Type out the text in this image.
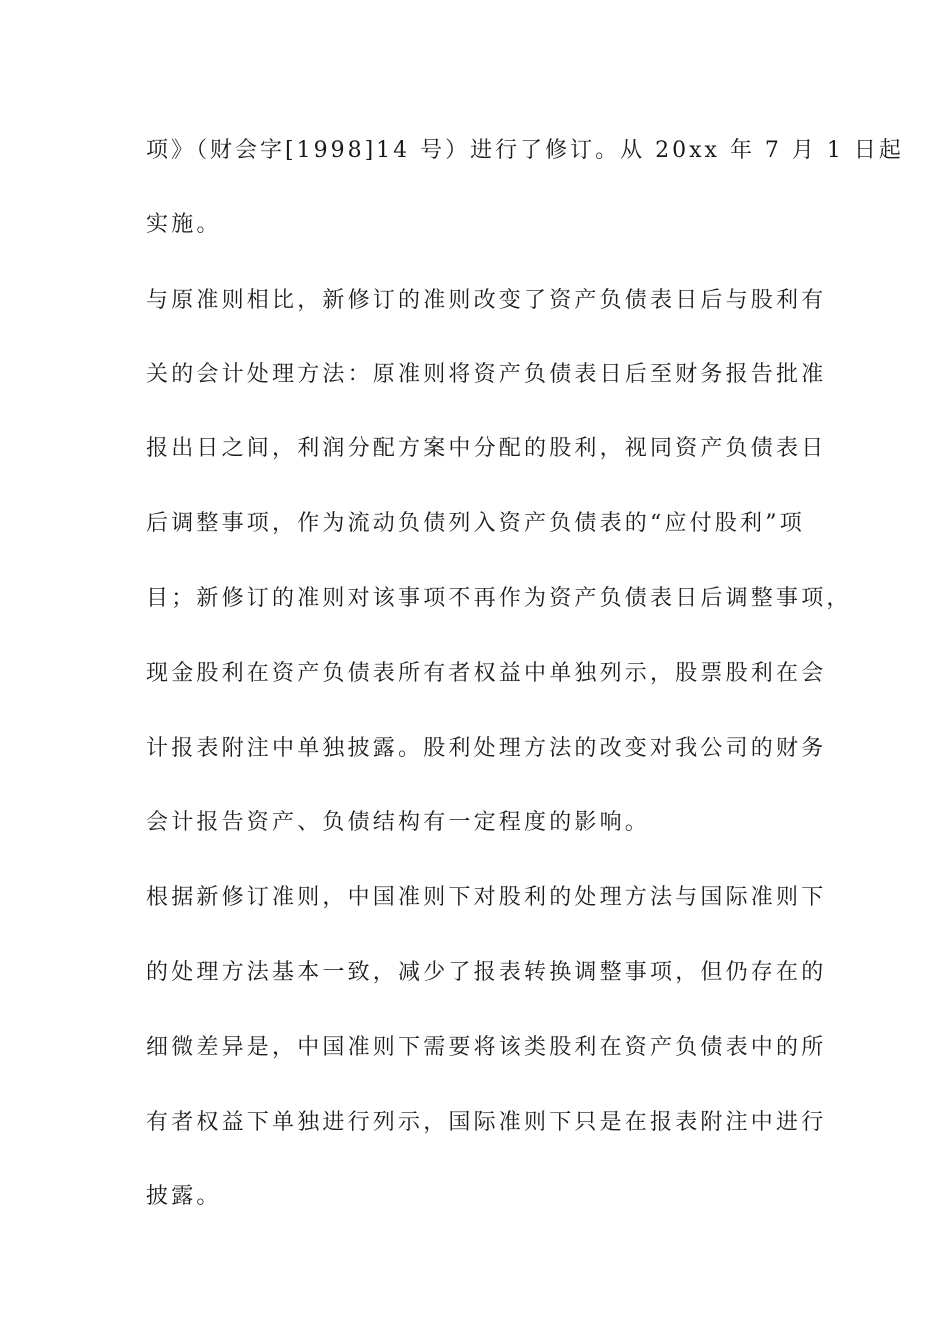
项》（财会字[1998]14 号）进行了修订。从 20xx 年 7 月 1 日起
实施。
与原准则相比，新修订的准则改变了资产负债表日后与股利有
关的会计处理方法：原准则将资产负债表日后至财务报告批准
报出日之间，利润分配方案中分配的股利，视同资产负债表日
后调整事项，作为流动负债列入资产负债表的“应付股利”项
目；新修订的准则对该事项不再作为资产负债表日后调整事项，
现金股利在资产负债表所有者权益中单独列示，股票股利在会
计报表附注中单独披露。股利处理方法的改变对我公司的财务
会计报告资产、负债结构有一定程度的影响。
根据新修订准则，中国准则下对股利的处理方法与国际准则下
的处理方法基本一致，减少了报表转换调整事项，但仍存在的
细微差异是，中国准则下需要将该类股利在资产负债表中的所
有者权益下单独进行列示，国际准则下只是在报表附注中进行
披露。
